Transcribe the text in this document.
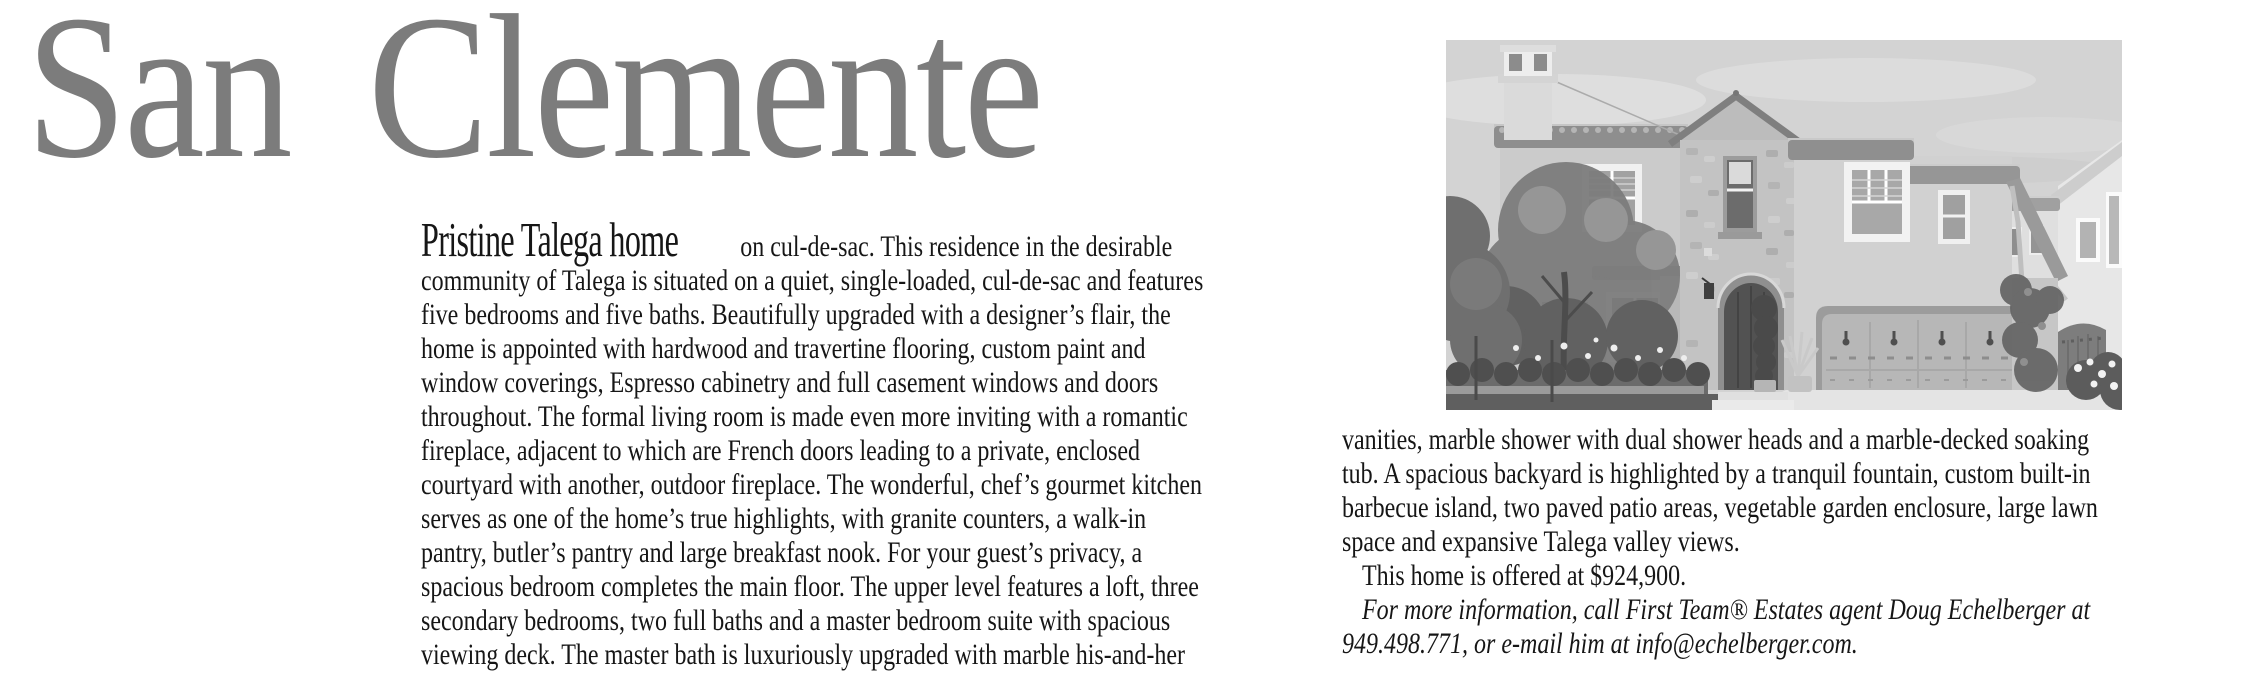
San Clemente
Pristine Talega home on cul-de-sac. This residence in the desirable
community of Talega is situated on a quiet, single-loaded, cul-de-sac and features
five bedrooms and five baths. Beautifully upgraded with a designer’s flair, the
home is appointed with hardwood and travertine flooring, custom paint and
window coverings, Espresso cabinetry and full casement windows and doors
throughout. The formal living room is made even more inviting with a romantic
fireplace, adjacent to which are French doors leading to a private, enclosed
courtyard with another, outdoor fireplace. The wonderful, chef’s gourmet kitchen
serves as one of the home’s true highlights, with granite counters, a walk-in
pantry, butler’s pantry and large breakfast nook. For your guest’s privacy, a
spacious bedroom completes the main floor. The upper level features a loft, three
secondary bedrooms, two full baths and a master bedroom suite with spacious
viewing deck. The master bath is luxuriously upgraded with marble his-and-her
vanities, marble shower with dual shower heads and a marble-decked soaking
tub. A spacious backyard is highlighted by a tranquil fountain, custom built-in
barbecue island, two paved patio areas, vegetable garden enclosure, large lawn
space and expansive Talega valley views.
This home is offered at $924,900.
For more information, call First Team® Estates agent Doug Echelberger at
949.498.771, or e-mail him at info@echelberger.com.
